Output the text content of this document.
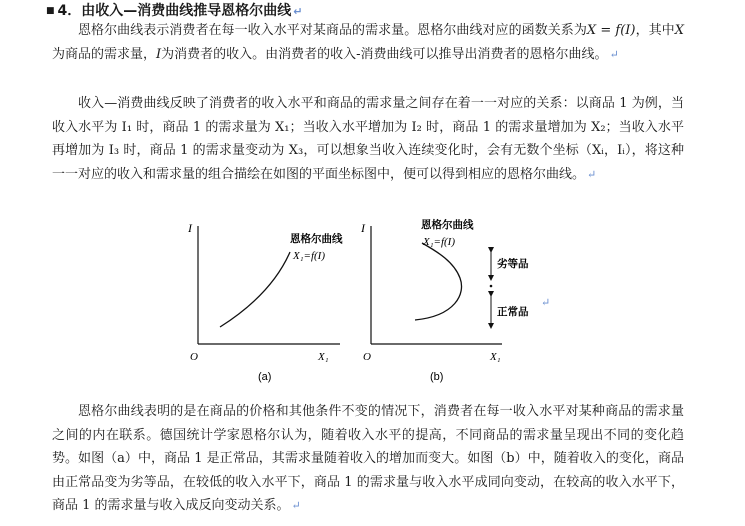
■ 4．由收入—消费曲线推导恩格尔曲线 ↵

恩格尔曲线表示消费者在每一收入水平对某商品的需求量。恩格尔曲线对应的函数关系为X = f(I)，其中X为商品的需求量，I为消费者的收入。由消费者的收入-消费曲线可以推导出消费者的恩格尔曲线。 ↵

收入—消费曲线反映了消费者的收入水平和商品的需求量之间存在着一一对应的关系：以商品 1 为例，当收入水平为 I₁ 时，商品 1 的需求量为 X₁；当收入水平增加为 I₂ 时，商品 1 的需求量增加为 X₂；当收入水平再增加为 I₃ 时，商品 1 的需求量变动为 X₃，可以想象当收入连续变化时，会有无数个坐标（Xᵢ，Iᵢ），将这种一一对应的收入和需求量的组合描绘在如图的平面坐标图中，便可以得到相应的恩格尔曲线。 ↵

I
O	X₁
恩格尔曲线
X₁=f(I)
(a)
I
O	X₁
恩格尔曲线
X₁=f(I)
劣等品
正常品
(b)
↵

恩格尔曲线表明的是在商品的价格和其他条件不变的情况下，消费者在每一收入水平对某种商品的需求量之间的内在联系。德国统计学家恩格尔认为，随着收入水平的提高，不同商品的需求量呈现出不同的变化趋势。如图（a）中，商品 1 是正常品，其需求量随着收入的增加而变大。如图（b）中，随着收入的变化，商品由正常品变为劣等品，在较低的收入水平下，商品 1 的需求量与收入水平成同向变动，在较高的收入水平下，商品 1 的需求量与收入成反向变动关系。 ↵
